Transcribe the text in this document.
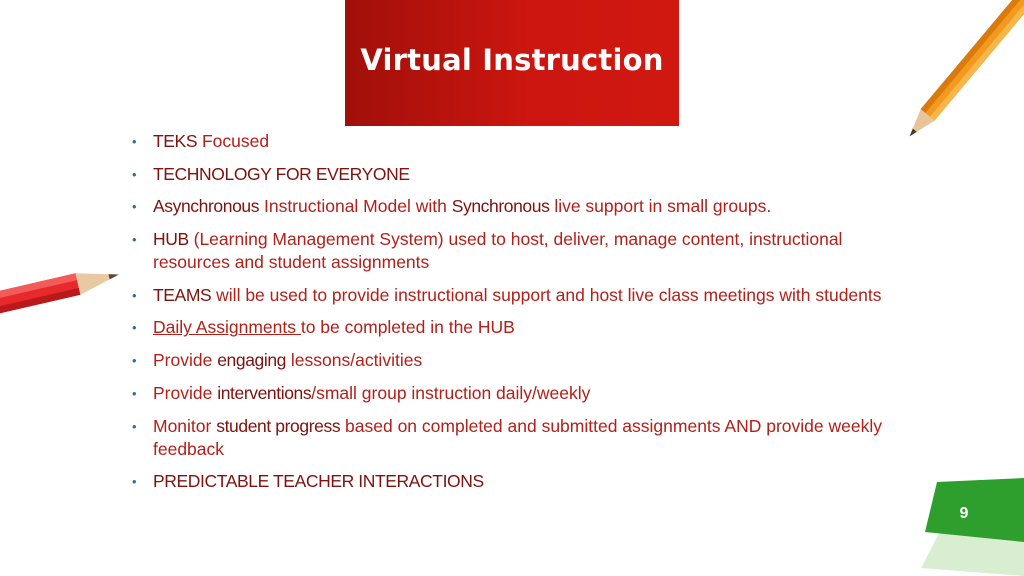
Virtual Instruction
• TEKS Focused
• TECHNOLOGY FOR EVERYONE
• Asynchronous Instructional Model with Synchronous live support in small groups.
• HUB (Learning Management System) used to host, deliver, manage content, instructional resources and student assignments
• TEAMS will be used to provide instructional support and host live class meetings with students
• Daily Assignments to be completed in the HUB
• Provide engaging lessons/activities
• Provide interventions/small group instruction daily/weekly
• Monitor student progress based on completed and submitted assignments AND provide weekly feedback
• PREDICTABLE TEACHER INTERACTIONS
9
